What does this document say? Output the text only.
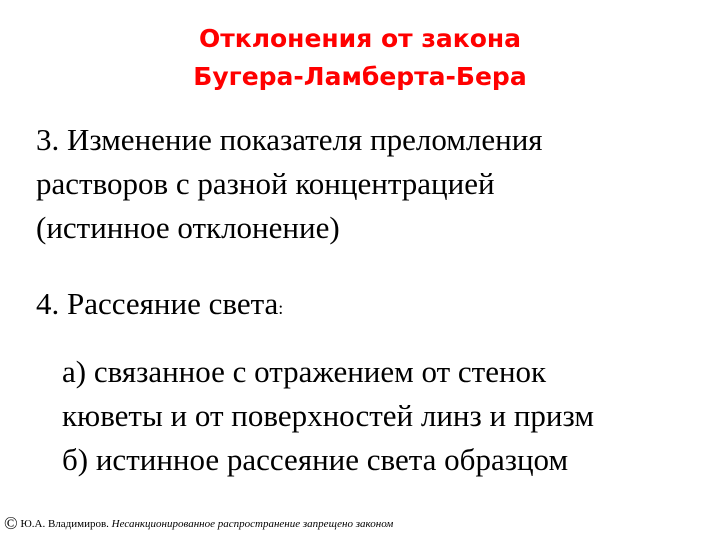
Отклонения от закона
Бугера-Ламберта-Бера
3. Изменение показателя преломления
растворов с разной концентрацией
(истинное отклонение)
4. Рассеяние света:
а) связанное с отражением от стенок
кюветы и от поверхностей линз и призм
б) истинное рассеяние света образцом
© Ю.А. Владимиров. Несанкционированное распространение запрещено законом
